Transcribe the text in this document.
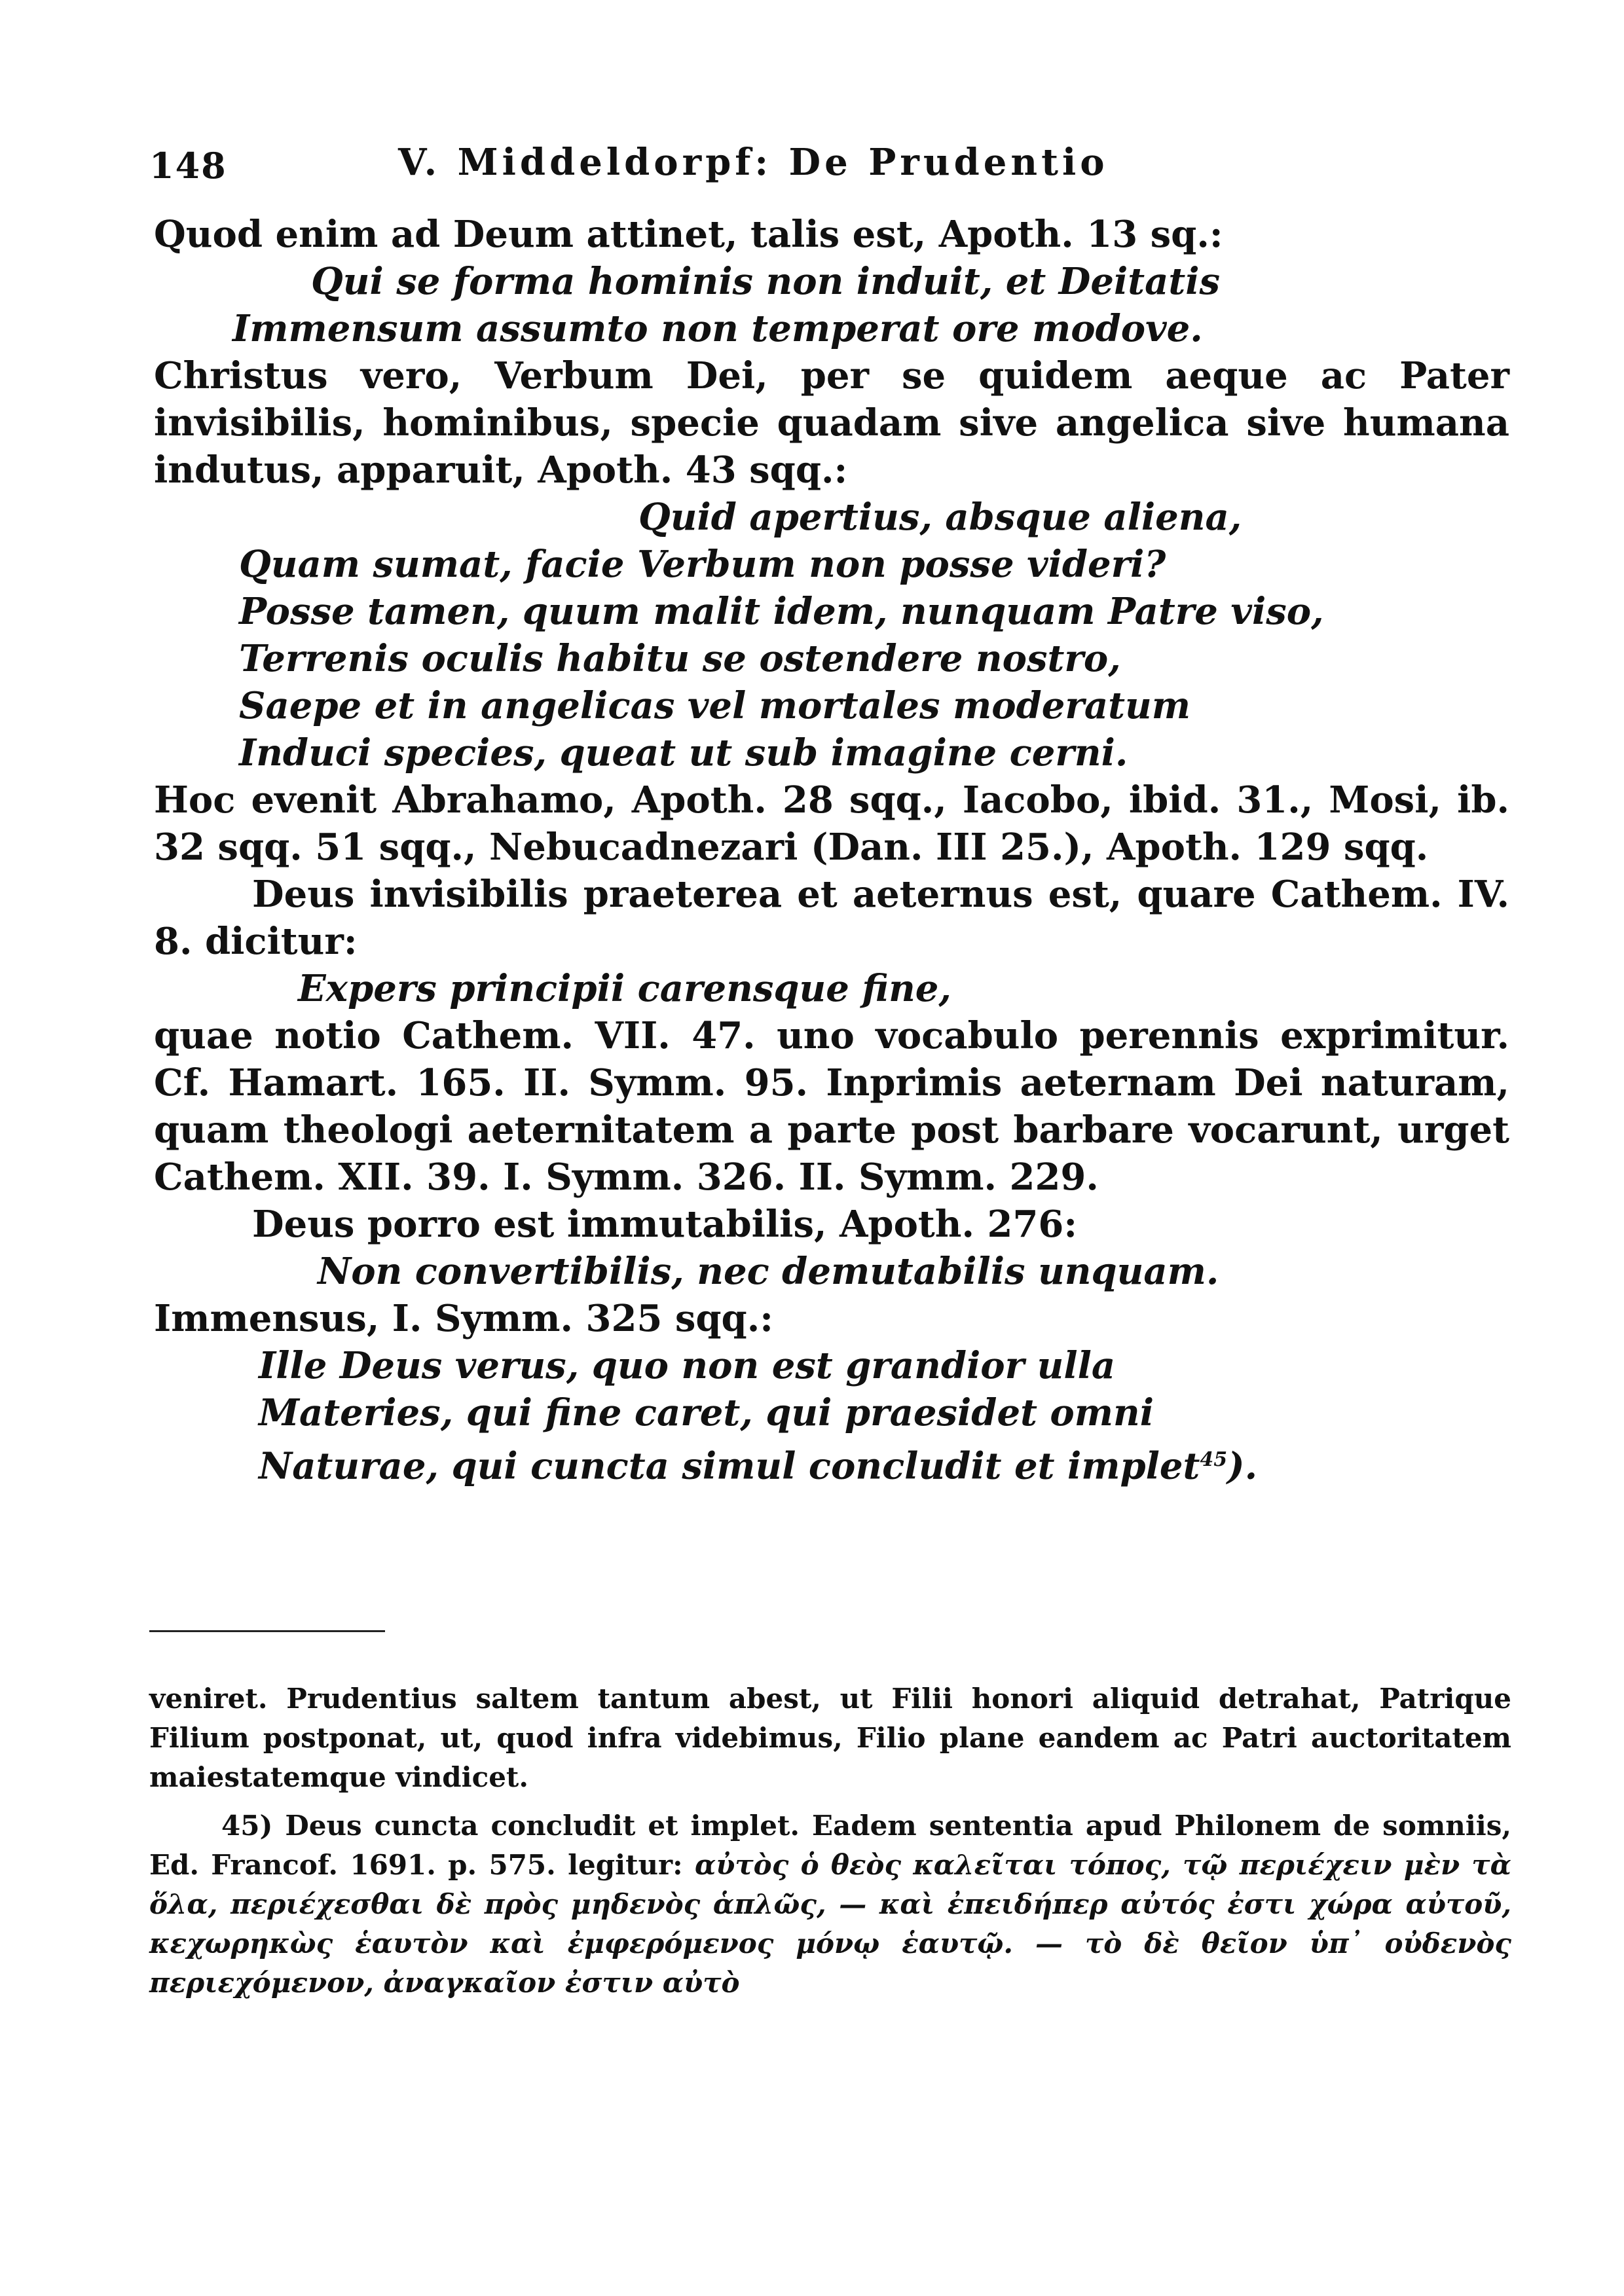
148	V. Middeldorpf: De Prudentio

Quod enim ad Deum attinet, talis est, Apoth. 13 sq.:

Qui se forma hominis non induit, et Deitatis

Immensum assumto non temperat ore modove.

Christus vero, Verbum Dei, per se quidem aeque ac Pater invisibilis, hominibus, specie quadam sive angelica sive humana indutus, apparuit, Apoth. 43 sqq.:

Quid apertius, absque aliena,

Quam sumat, facie Verbum non posse videri?

Posse tamen, quum malit idem, nunquam Patre viso,

Terrenis oculis habitu se ostendere nostro,

Saepe et in angelicas vel mortales moderatum

Induci species, queat ut sub imagine cerni.

Hoc evenit Abrahamo, Apoth. 28 sqq., Iacobo, ibid. 31., Mosi, ib. 32 sqq. 51 sqq., Nebucadnezari (Dan. III 25.), Apoth. 129 sqq.

Deus invisibilis praeterea et aeternus est, quare Cathem. IV. 8. dicitur:

Expers principii carensque fine,

quae notio Cathem. VII. 47. uno vocabulo perennis exprimitur. Cf. Hamart. 165. II. Symm. 95. Inprimis aeternam Dei naturam, quam theologi aeternitatem a parte post barbare vocarunt, urget Cathem. XII. 39. I. Symm. 326. II. Symm. 229.

Deus porro est immutabilis, Apoth. 276:

Non convertibilis, nec demutabilis unquam.

Immensus, I. Symm. 325 sqq.:

Ille Deus verus, quo non est grandior ulla

Materies, qui fine caret, qui praesidet omni

Naturae, qui cuncta simul concludit et implet$^{45}$).

veniret. Prudentius saltem tantum abest, ut Filii honori aliquid detrahat, Patrique Filium postponat, ut, quod infra videbimus, Filio plane eandem ac Patri auctoritatem maiestatemque vindicet.

45) Deus cuncta concludit et implet. Eadem sententia apud Philonem de somniis, Ed. Francof. 1691. p. 575. legitur: αὐτὸς ὁ θεὸς καλεῖται τόπος, τῷ περιέχειν μὲν τὰ ὅλα, περιέχεσθαι δὲ πρὸς μηδενὸς ἁπλῶς, — καὶ ἐπειδήπερ αὐτός ἐστι χώρα αὐτοῦ, κεχωρηκὼς ἑαυτὸν καὶ ἐμφερόμενος μόνῳ ἑαυτῷ. — τὸ δὲ θεῖον ὑπ᾽ οὐδενὸς περιεχόμενον, ἀναγκαῖον ἐστιν αὐτὸ
